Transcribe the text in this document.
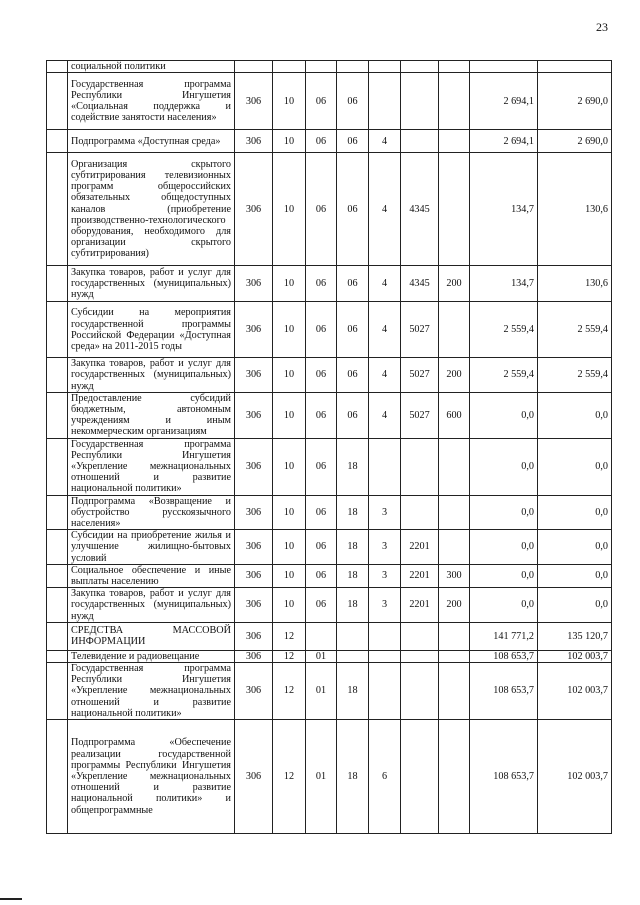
23
	социальной политики									
	Государственная программа Республики Ингушетия «Социальная поддержка и содействие занятости населения»	306	10	06	06				2 694,1	2 690,0
	Подпрограмма «Доступная среда»	306	10	06	06	4			2 694,1	2 690,0
	Организация скрытого субтитрирования телевизионных программ общероссийских обязательных общедоступных каналов (приобретение производственно-технологического оборудования, необходимого для организации скрытого субтитрирования)	306	10	06	06	4	4345		134,7	130,6
	Закупка товаров, работ и услуг для государственных (муниципальных) нужд	306	10	06	06	4	4345	200	134,7	130,6
	Субсидии на мероприятия государственной программы Российской Федерации «Доступная среда» на 2011-2015 годы	306	10	06	06	4	5027		2 559,4	2 559,4
	Закупка товаров, работ и услуг для государственных (муниципальных) нужд	306	10	06	06	4	5027	200	2 559,4	2 559,4
	Предоставление субсидий бюджетным, автономным учреждениям и иным некоммерческим организациям	306	10	06	06	4	5027	600	0,0	0,0
	Государственная программа Республики Ингушетия «Укрепление межнациональных отношений и развитие национальной политики»	306	10	06	18				0,0	0,0
	Подпрограмма «Возвращение и обустройство русскоязычного населения»	306	10	06	18	3			0,0	0,0
	Субсидии на приобретение жилья и улучшение жилищно-бытовых условий	306	10	06	18	3	2201		0,0	0,0
	Социальное обеспечение и иные выплаты населению	306	10	06	18	3	2201	300	0,0	0,0
	Закупка товаров, работ и услуг для государственных (муниципальных) нужд	306	10	06	18	3	2201	200	0,0	0,0
	СРЕДСТВА МАССОВОЙ ИНФОРМАЦИИ	306	12						141 771,2	135 120,7
	Телевидение и радиовещание	306	12	01					108 653,7	102 003,7
	Государственная программа Республики Ингушетия «Укрепление межнациональных отношений и развитие национальной политики»	306	12	01	18				108 653,7	102 003,7
	Подпрограмма «Обеспечение реализации государственной программы Республики Ингушетия «Укрепление межнациональных отношений и развитие национальной политики» и общепрограммные	306	12	01	18	6			108 653,7	102 003,7
